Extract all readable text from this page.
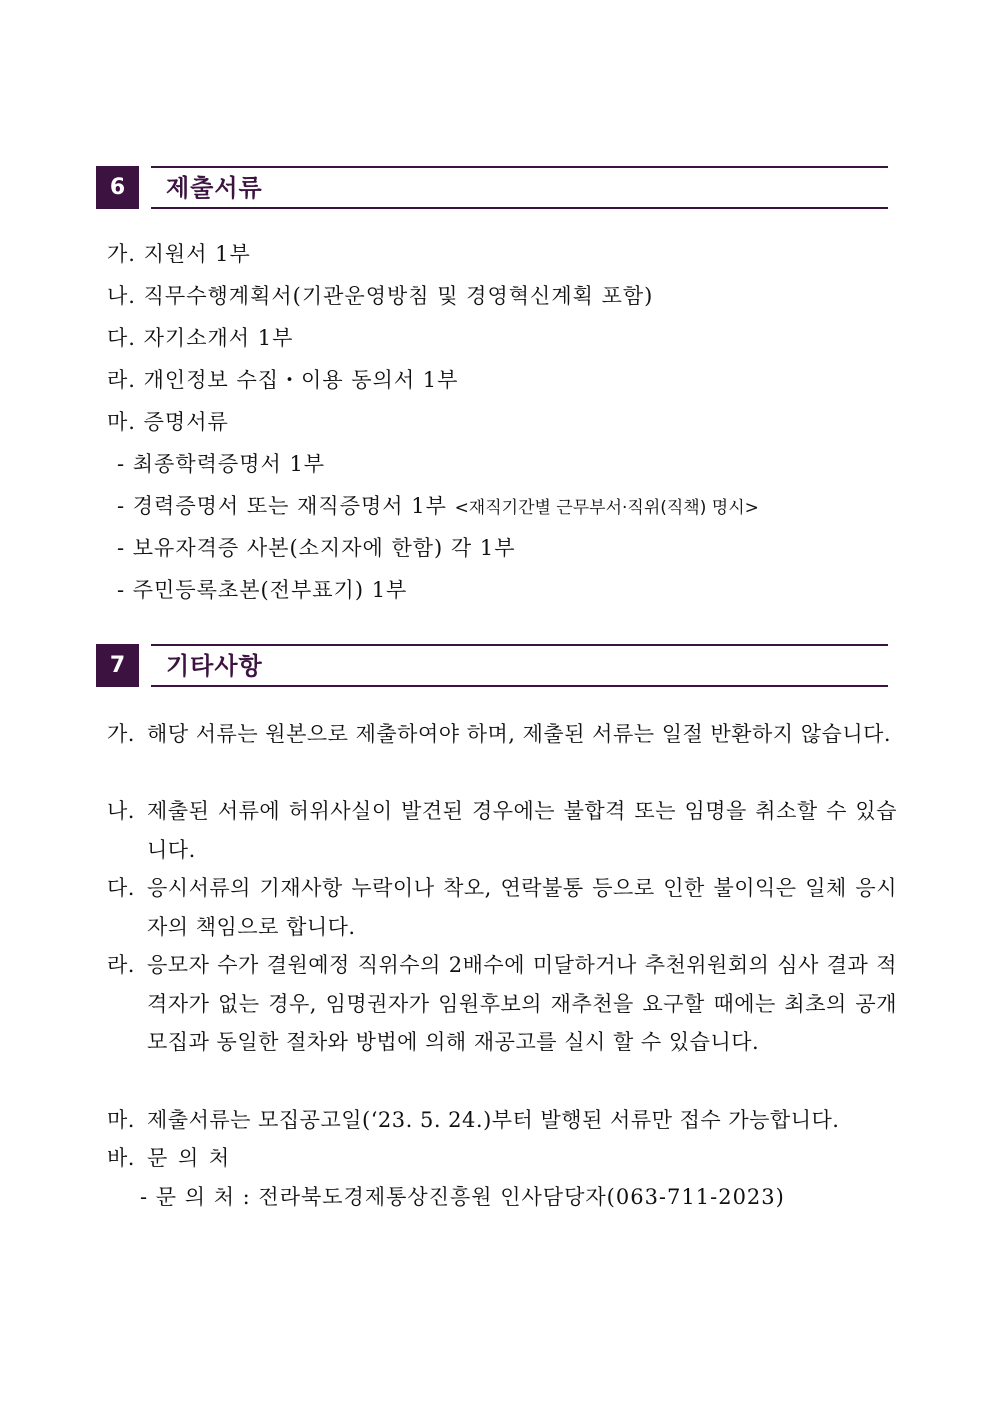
6	제출서류
가. 지원서 1부
나. 직무수행계획서(기관운영방침 및 경영혁신계획 포함)
다. 자기소개서 1부
라. 개인정보 수집・이용 동의서 1부
마. 증명서류
- 최종학력증명서 1부
- 경력증명서 또는 재직증명서 1부 <재직기간별 근무부서·직위(직책) 명시>
- 보유자격증 사본(소지자에 한함) 각 1부
- 주민등록초본(전부표기) 1부
7	기타사항
가. 해당 서류는 원본으로 제출하여야 하며, 제출된 서류는 일절 반환하지 않습니다.
나. 제출된 서류에 허위사실이 발견된 경우에는 불합격 또는 임명을 취소할 수 있습니다.
다. 응시서류의 기재사항 누락이나 착오, 연락불통 등으로 인한 불이익은 일체 응시자의 책임으로 합니다.
라. 응모자 수가 결원예정 직위수의 2배수에 미달하거나 추천위원회의 심사 결과 적격자가 없는 경우, 임명권자가 임원후보의 재추천을 요구할 때에는 최초의 공개모집과 동일한 절차와 방법에 의해 재공고를 실시 할 수 있습니다.
마. 제출서류는 모집공고일(‘23. 5. 24.)부터 발행된 서류만 접수 가능합니다.
바. 문 의 처
- 문 의 처 : 전라북도경제통상진흥원 인사담당자(063-711-2023)
